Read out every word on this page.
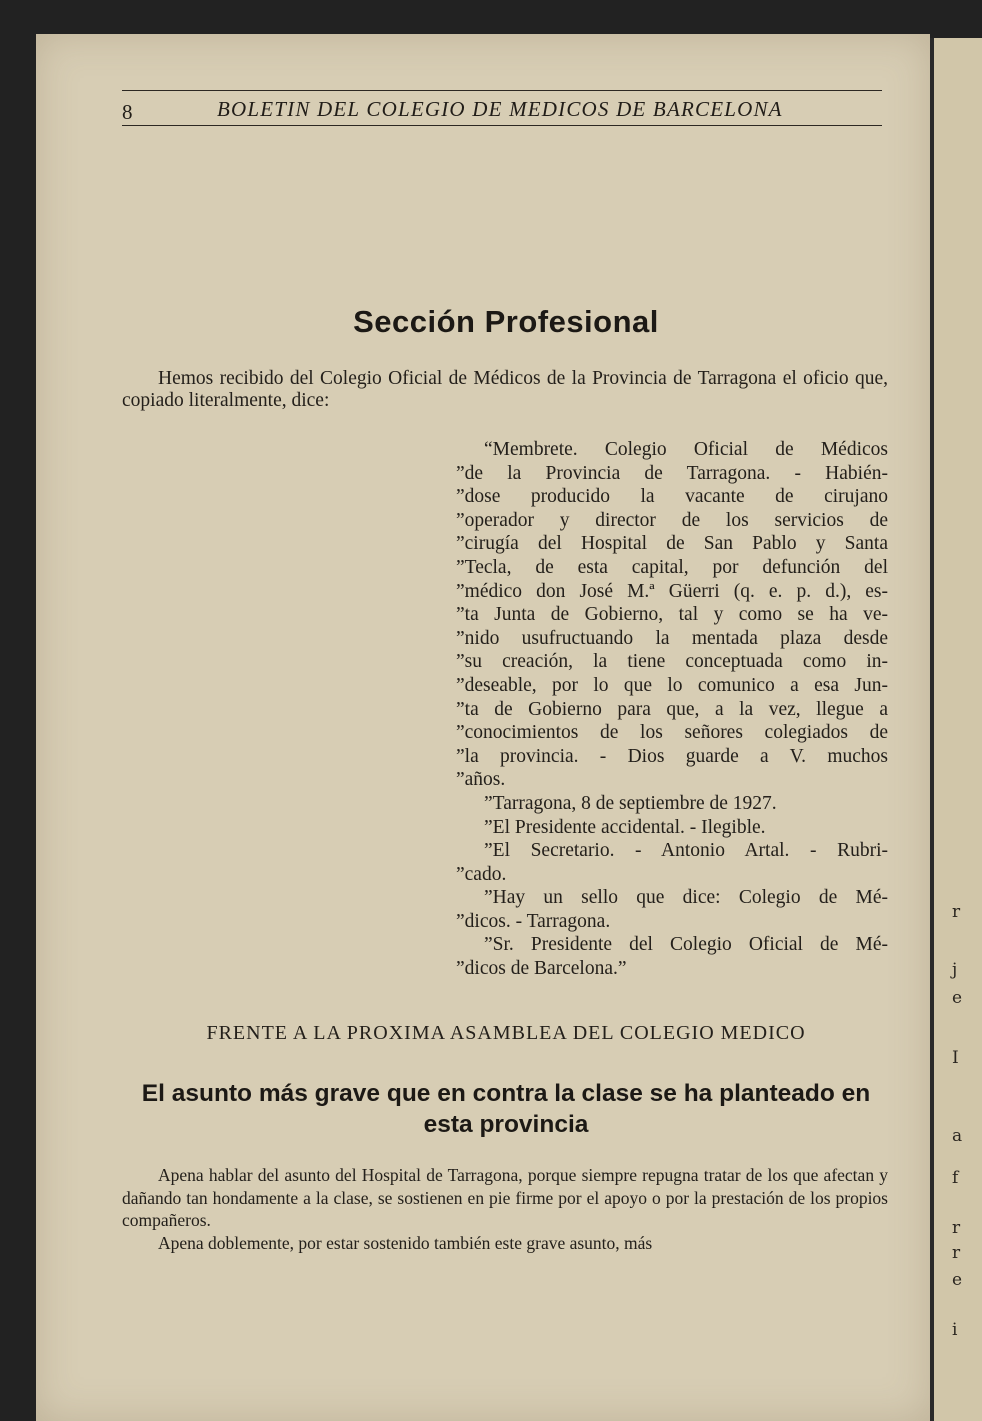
r
j
e
I
a
f
r
r
e
i
8	BOLETIN DEL COLEGIO DE MEDICOS DE BARCELONA
Sección Profesional

Hemos recibido del Colegio Oficial de Médicos de la Provincia de Tarragona el oficio que, copiado literalmente, dice:

“Membrete. Colegio Oficial de Médicos
”de la Provincia de Tarragona. - Habién-
”dose producido la vacante de cirujano
”operador y director de los servicios de
”cirugía del Hospital de San Pablo y Santa
”Tecla, de esta capital, por defunción del
”médico don José M.ª Güerri (q. e. p. d.), es-
”ta Junta de Gobierno, tal y como se ha ve-
”nido usufructuando la mentada plaza desde
”su creación, la tiene conceptuada como in-
”deseable, por lo que lo comunico a esa Jun-
”ta de Gobierno para que, a la vez, llegue a
”conocimientos de los señores colegiados de
”la provincia. - Dios guarde a V. muchos
”años.
”Tarragona, 8 de septiembre de 1927.
”El Presidente accidental. - Ilegible.
”El Secretario. - Antonio Artal. - Rubri-
”cado.
”Hay un sello que dice: Colegio de Mé-
”dicos. - Tarragona.
”Sr. Presidente del Colegio Oficial de Mé-
”dicos de Barcelona.”
FRENTE A LA PROXIMA ASAMBLEA DEL COLEGIO MEDICO
El asunto más grave que en contra la clase se ha planteado en esta provincia

Apena hablar del asunto del Hospital de Tarragona, porque siempre repugna tratar de los que afectan y dañando tan hondamente a la clase, se sostienen en pie firme por el apoyo o por la prestación de los propios compañeros.

Apena doblemente, por estar sostenido también este grave asunto, más
